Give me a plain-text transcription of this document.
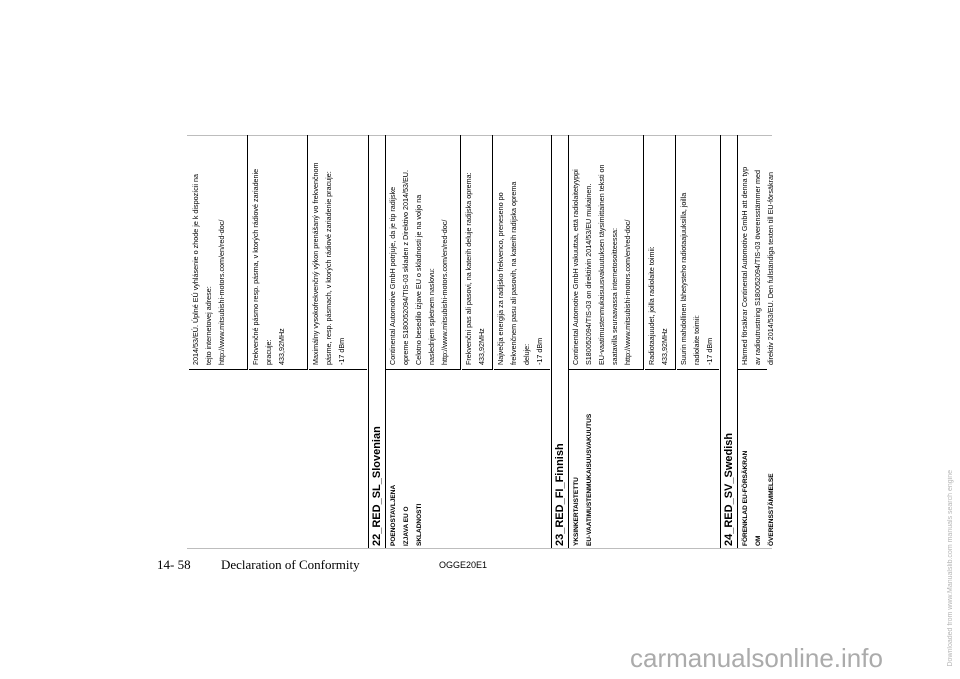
2014/53/EÚ. Úplné EÚ vyhlásenie o zhode je k dispozícii na tejto internetovej adrese: http://www.mitsubishi-motors.com/en/red-doc/	Frekvenčné pásmo resp. pásma, v ktorých rádiové zariadenie pracuje: 433,92MHz	Maximálny vysokofrekvenčný výkon prenášaný vo frekvenčnom pásme, resp. pásmach, v ktorých rádiové zariadenie pracuje: -17 dBm
22_RED_SL_Slovenian	POENOSTAVLJENA IZJAVA EU O SKLADNOSTI
Continental Automotive GmbH potrjuje, da je tip radijske opreme S180052094/TIS-03 skladen z Direktivo 2014/53/EU. Celotno besedilo izjave EU o skladnosti je na voljo na naslednjem spletnem naslovu: http://www.mitsubishi-motors.com/en/red-doc/ Frekvenčni pas ali pasovi, na katerih deluje radijska oprema: 433,92MHz Največja energija za radijsko frekvenco, preneseno po frekvenčnem pasu ali pasovih, na katerih radijska oprema deluje: -17 dBm
23_RED_FI_Finnish	YKSINKERTAISTETTU EU-VAATIMUSTENMUKAISUUSVAKUUTUS
Continental Automotive GmbH vakuuttaa, että radiolaitetyyppi S180052094/TIS-03 on direktiivin 2014/53/EU mukainen. EU-vaatimustenmukaisuusvakuutuksen täysimittainen teksti on saatavilla seuraavassa internetosoitteessa: http://www.mitsubishi-motors.com/en/red-doc/ Radiotaajuudet, joilla radiolaite toimii: 433,92MHz Suurin mahdollinen lähetystehо radiotaajuuksilla, joilla radiolaite toimii: -17 dBm
24_RED_SV_Swedish	FÖRENKLAD EU-FÖRSÄKRAN OM ÖVERENSSTÄMMELSE
Härmed försäkrar Continental Automotive GmbH att denna typ av radioutrustning S180052094/TIS-03 överensstämmer med direktiv 2014/53/EU. Den fullständiga texten till EU-försäkran
14- 58 Declaration of Conformity	OGGE20E1
carmanualsonline.info	Downloaded from www.Manualslib.com manuals search engine
